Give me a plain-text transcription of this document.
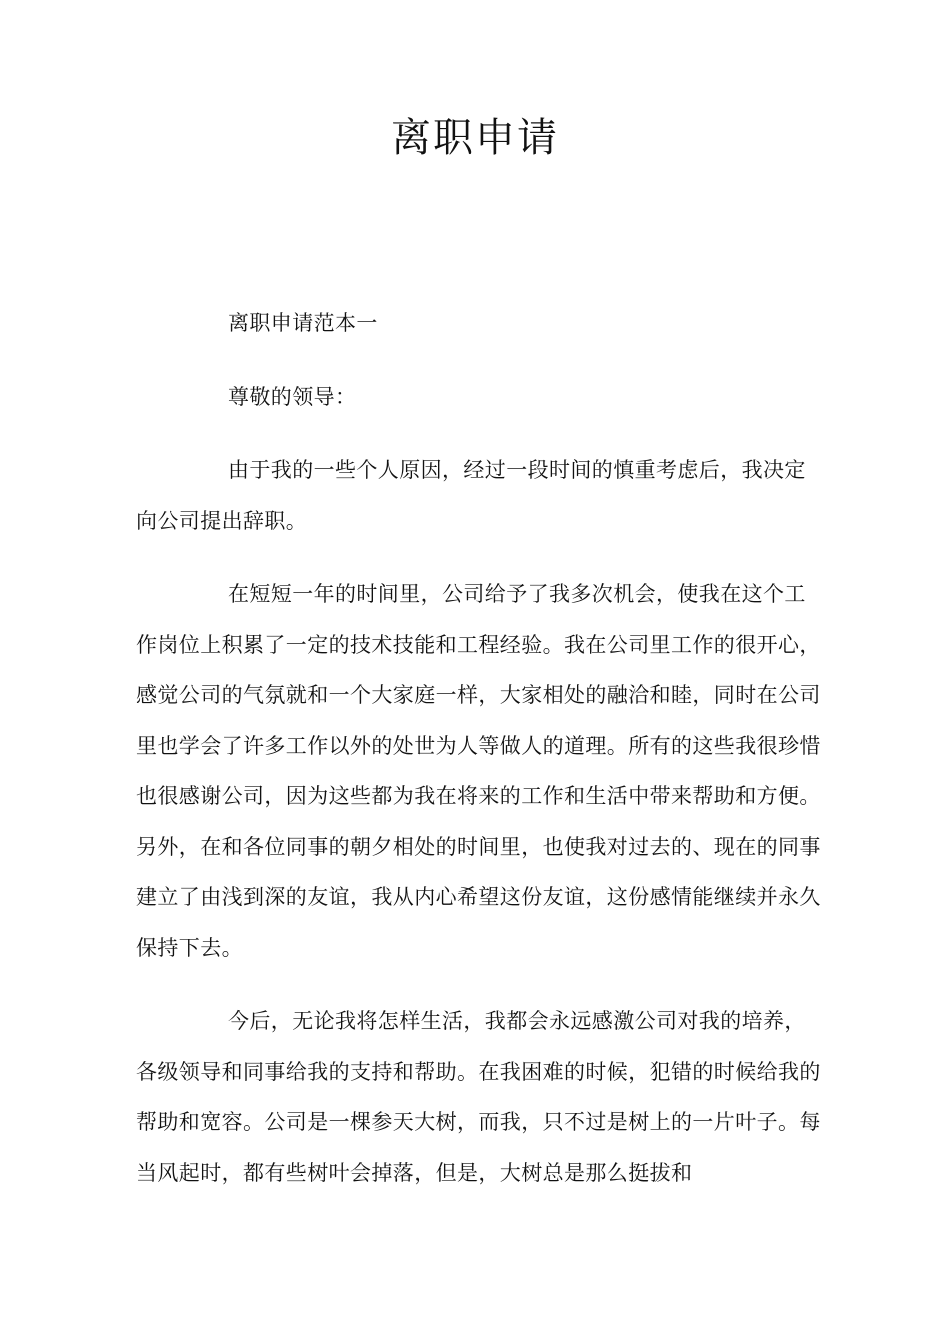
离职申请

离职申请范本一

尊敬的领导：

由于我的一些个人原因，经过一段时间的慎重考虑后，我决定向公司提出辞职。

在短短一年的时间里，公司给予了我多次机会，使我在这个工作岗位上积累了一定的技术技能和工程经验。我在公司里工作的很开心，感觉公司的气氛就和一个大家庭一样，大家相处的融洽和睦，同时在公司里也学会了许多工作以外的处世为人等做人的道理。所有的这些我很珍惜也很感谢公司，因为这些都为我在将来的工作和生活中带来帮助和方便。另外，在和各位同事的朝夕相处的时间里，也使我对过去的、现在的同事建立了由浅到深的友谊，我从内心希望这份友谊，这份感情能继续并永久保持下去。

今后，无论我将怎样生活，我都会永远感激公司对我的培养，各级领导和同事给我的支持和帮助。在我困难的时候，犯错的时候给我的帮助和宽容。公司是一棵参天大树，而我，只不过是树上的一片叶子。每当风起时，都有些树叶会掉落，但是，大树总是那么挺拔和
